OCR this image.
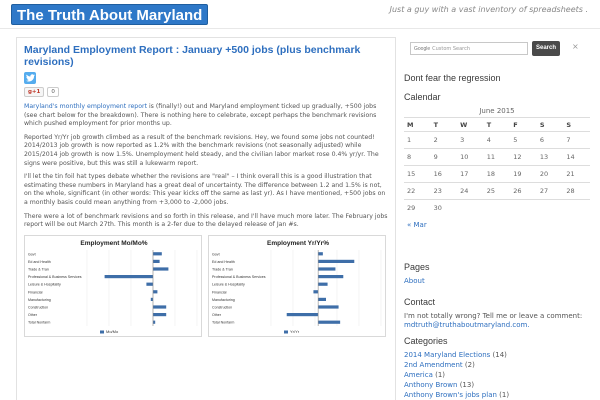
The Truth About Maryland	Just a guy with a vast inventory of spreadsheets .
Maryland Employment Report : January +500 jobs (plus benchmark revisions)
g+1	0

Maryland's monthly employment report is (finally!) out and Maryland employment ticked up gradually, +500 jobs (see chart below for the breakdown). There is nothing here to celebrate, except perhaps the benchmark revisions which pushed employment for prior months up.

Reported Yr/Yr job growth climbed as a result of the benchmark revisions. Hey, we found some jobs not counted! 2014/2013 job growth is now reported as 1.2% with the benchmark revisions (not seasonally adjusted) while 2015/2014 job growth is now 1.5%. Unemployment held steady, and the civilian labor market rose 0.4% yr/yr. The signs were positive, but this was still a lukewarm report.

I'll let the tin foil hat types debate whether the revisions are "real" – I think overall this is a good illustration that estimating these numbers in Maryland has a great deal of uncertainty. The difference between 1.2 and 1.5% is not, on the whole, significant (in other words: This year kicks off the same as last yr). As I have mentioned, +500 jobs on a monthly basis could mean anything from +3,000 to -2,000 jobs.

There were a lot of benchmark revisions and so forth in this release, and I'll have much more later. The February jobs report will be out March 27th. This month is a 2-fer due to the delayed release of Jan #s.

Employment Mo/Mo%
Govt
Ed and Health
Trade & Tran
Professional & Business Services
Leisure & Hospitality
Financial
Manufacturing
Construction
Other
Total Nonfarm
Mo/Mo
Employment Yr/Yr%
Govt
Ed and Health
Trade & Tran
Professional & Business Services
Leisure & Hospitality
Financial
Manufacturing
Construction
Other
Total Nonfarm
Yr/Yr
Google Custom Search	Search	×
Dont fear the regression
Calendar
June 2015
M	T	W	T	F	S	S
1	2	3	4	5	6	7
8	9	10	11	12	13	14
15	16	17	18	19	20	21
22	23	24	25	26	27	28
29	30					
« Mar
Pages
About
Contact
I'm not totally wrong? Tell me or leave a comment:
mdtruth@truthaboutmaryland.com.
Categories
2014 Maryland Elections (14)
2nd Amendment (2)
America (1)
Anthony Brown (13)
Anthony Brown's jobs plan (1)
